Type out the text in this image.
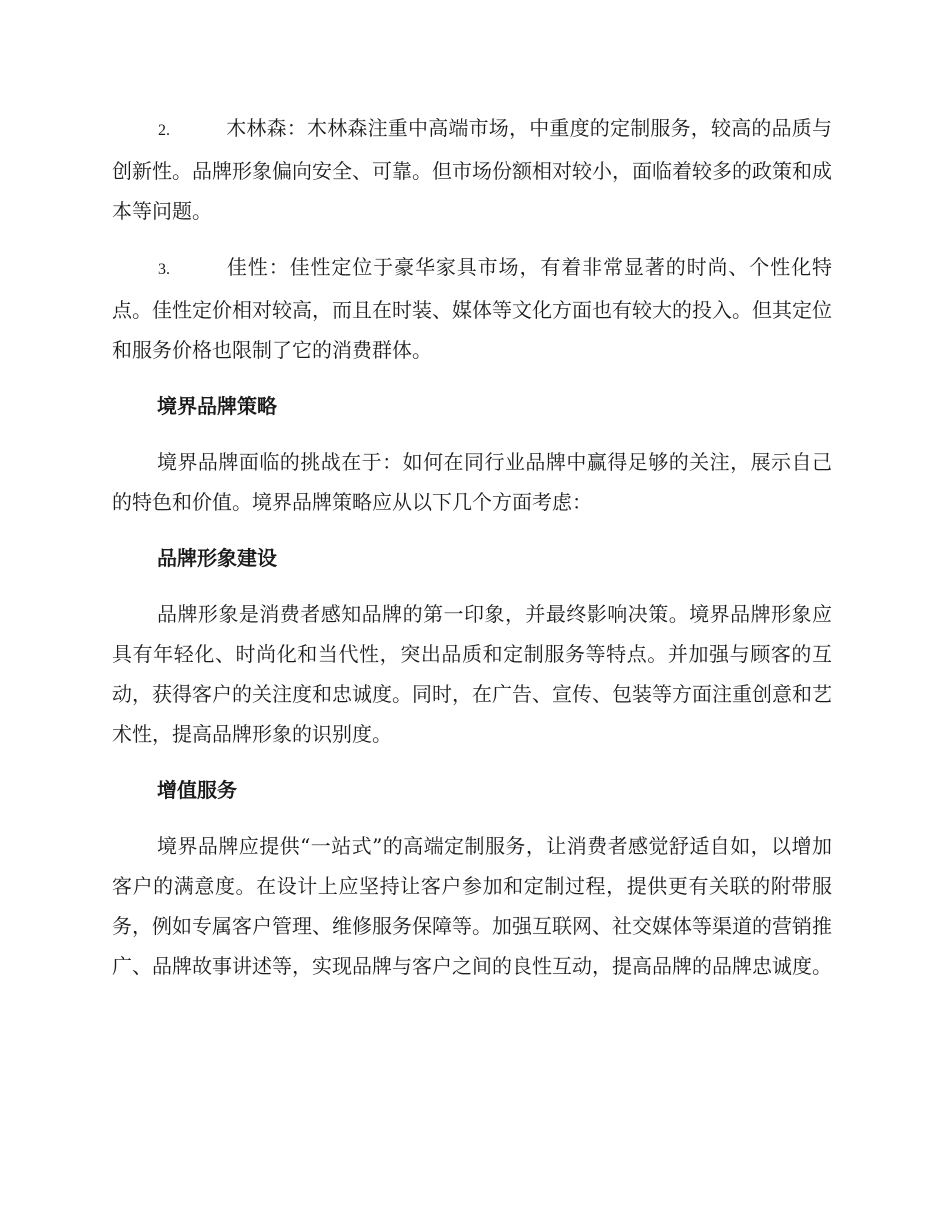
2.	木林森：木林森注重中高端市场，中重度的定制服务，较高的品质与创新性。品牌形象偏向安全、可靠。但市场份额相对较小，面临着较多的政策和成本等问题。

3.	佳性：佳性定位于豪华家具市场，有着非常显著的时尚、个性化特点。佳性定价相对较高，而且在时装、媒体等文化方面也有较大的投入。但其定位和服务价格也限制了它的消费群体。

境界品牌策略

境界品牌面临的挑战在于：如何在同行业品牌中赢得足够的关注，展示自己的特色和价值。境界品牌策略应从以下几个方面考虑：

品牌形象建设

品牌形象是消费者感知品牌的第一印象，并最终影响决策。境界品牌形象应具有年轻化、时尚化和当代性，突出品质和定制服务等特点。并加强与顾客的互动，获得客户的关注度和忠诚度。同时，在广告、宣传、包装等方面注重创意和艺术性，提高品牌形象的识别度。

增值服务

境界品牌应提供“一站式”的高端定制服务，让消费者感觉舒适自如，以增加客户的满意度。在设计上应坚持让客户参加和定制过程，提供更有关联的附带服务，例如专属客户管理、维修服务保障等。加强互联网、社交媒体等渠道的营销推广、品牌故事讲述等，实现品牌与客户之间的良性互动，提高品牌的品牌忠诚度。
